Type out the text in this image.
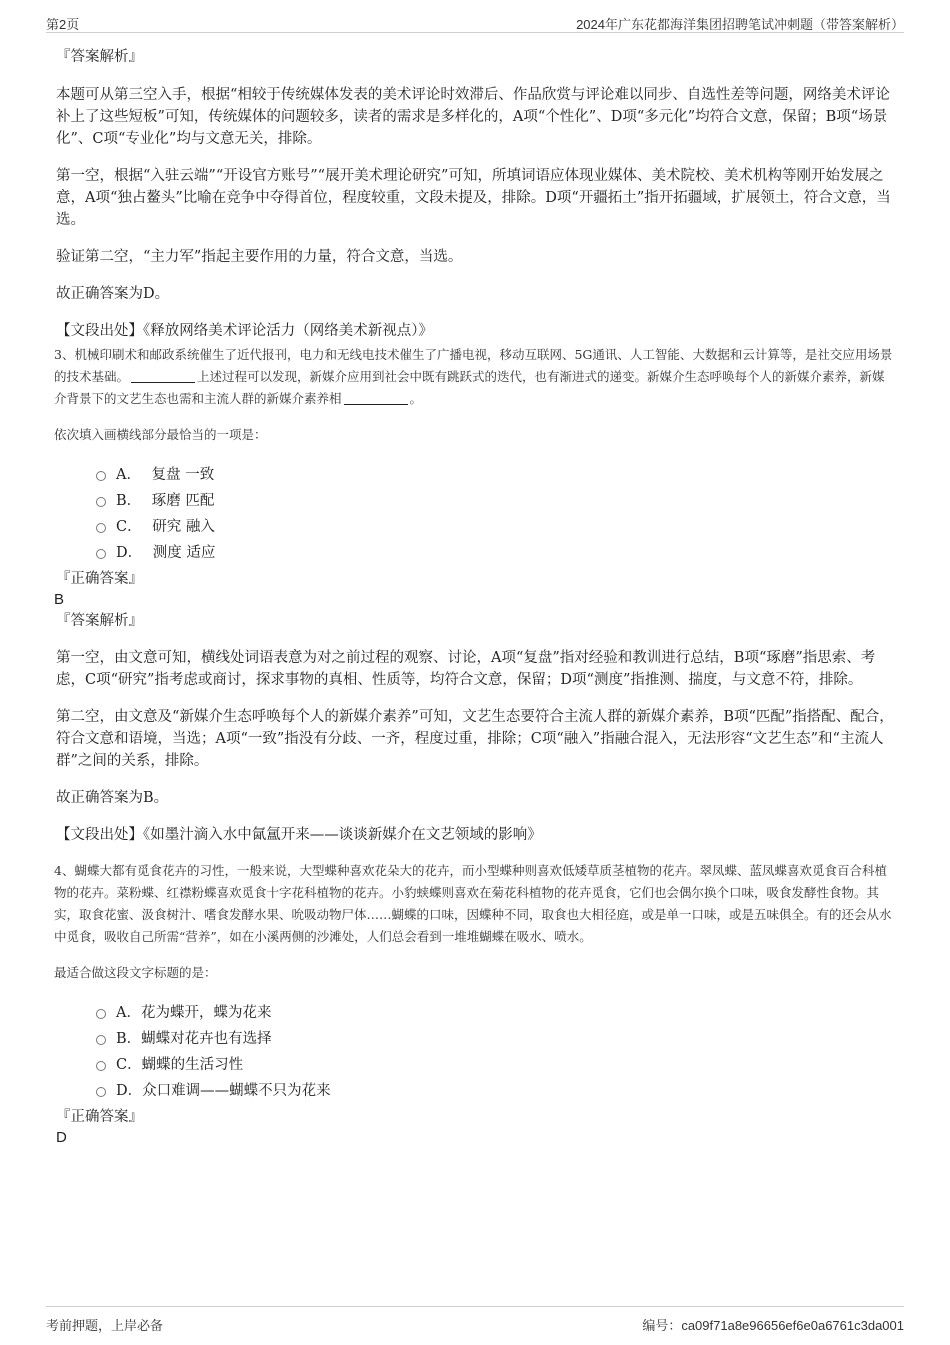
第2页	2024年广东花都海洋集团招聘笔试冲刺题（带答案解析）

『答案解析』

本题可从第三空入手，根据“相较于传统媒体发表的美术评论时效滞后、作品欣赏与评论难以同步、自选性差等问题，网络美术评论补上了这些短板”可知，传统媒体的问题较多，读者的需求是多样化的，A项“个性化”、D项“多元化”均符合文意，保留；B项“场景化”、C项“专业化”均与文意无关，排除。

第一空，根据“入驻云端”“开设官方账号”“展开美术理论研究”可知，所填词语应体现业媒体、美术院校、美术机构等刚开始发展之意，A项“独占鳌头”比喻在竞争中夺得首位，程度较重，文段未提及，排除。D项“开疆拓土”指开拓疆域，扩展领土，符合文意，当选。

验证第二空，“主力军”指起主要作用的力量，符合文意，当选。

故正确答案为D。

【文段出处】《释放网络美术评论活力（网络美术新视点）》

3、机械印刷术和邮政系统催生了近代报刊，电力和无线电技术催生了广播电视，移动互联网、5G通讯、人工智能、大数据和云计算等，是社交应用场景的技术基础。	上述过程可以发现，新媒介应用到社会中既有跳跃式的迭代，也有渐进式的递变。新媒介生态呼唤每个人的新媒介素养，新媒介背景下的文艺生态也需和主流人群的新媒介素养相	。

依次填入画横线部分最恰当的一项是：

A． 复盘 一致
B． 琢磨 匹配
C． 研究 融入
D． 测度 适应

『正确答案』

B

『答案解析』

第一空，由文意可知，横线处词语表意为对之前过程的观察、讨论，A项“复盘”指对经验和教训进行总结，B项“琢磨”指思索、考虑，C项“研究”指考虑或商讨，探求事物的真相、性质等，均符合文意，保留；D项“测度”指推测、揣度，与文意不符，排除。

第二空，由文意及“新媒介生态呼唤每个人的新媒介素养”可知，文艺生态要符合主流人群的新媒介素养，B项“匹配”指搭配、配合，符合文意和语境，当选；A项“一致”指没有分歧、一齐，程度过重，排除；C项“融入”指融合混入，无法形容“文艺生态”和“主流人群”之间的关系，排除。

故正确答案为B。

【文段出处】《如墨汁滴入水中氤氲开来——谈谈新媒介在文艺领域的影响》

4、蝴蝶大都有觅食花卉的习性，一般来说，大型蝶种喜欢花朵大的花卉，而小型蝶种则喜欢低矮草质茎植物的花卉。翠凤蝶、蓝凤蝶喜欢觅食百合科植物的花卉。菜粉蝶、红襟粉蝶喜欢觅食十字花科植物的花卉。小豹蛱蝶则喜欢在菊花科植物的花卉觅食，它们也会偶尔换个口味，吸食发酵性食物。其实，取食花蜜、汲食树汁、嗜食发酵水果、吮吸动物尸体……蝴蝶的口味，因蝶种不同，取食也大相径庭，或是单一口味，或是五味俱全。有的还会从水中觅食，吸收自己所需“营养”，如在小溪两侧的沙滩处，人们总会看到一堆堆蝴蝶在吸水、喷水。

最适合做这段文字标题的是：

A．花为蝶开，蝶为花来
B．蝴蝶对花卉也有选择
C．蝴蝶的生活习性
D．众口难调——蝴蝶不只为花来

『正确答案』

D

考前押题，上岸必备	编号：ca09f71a8e96656ef6e0a6761c3da001
